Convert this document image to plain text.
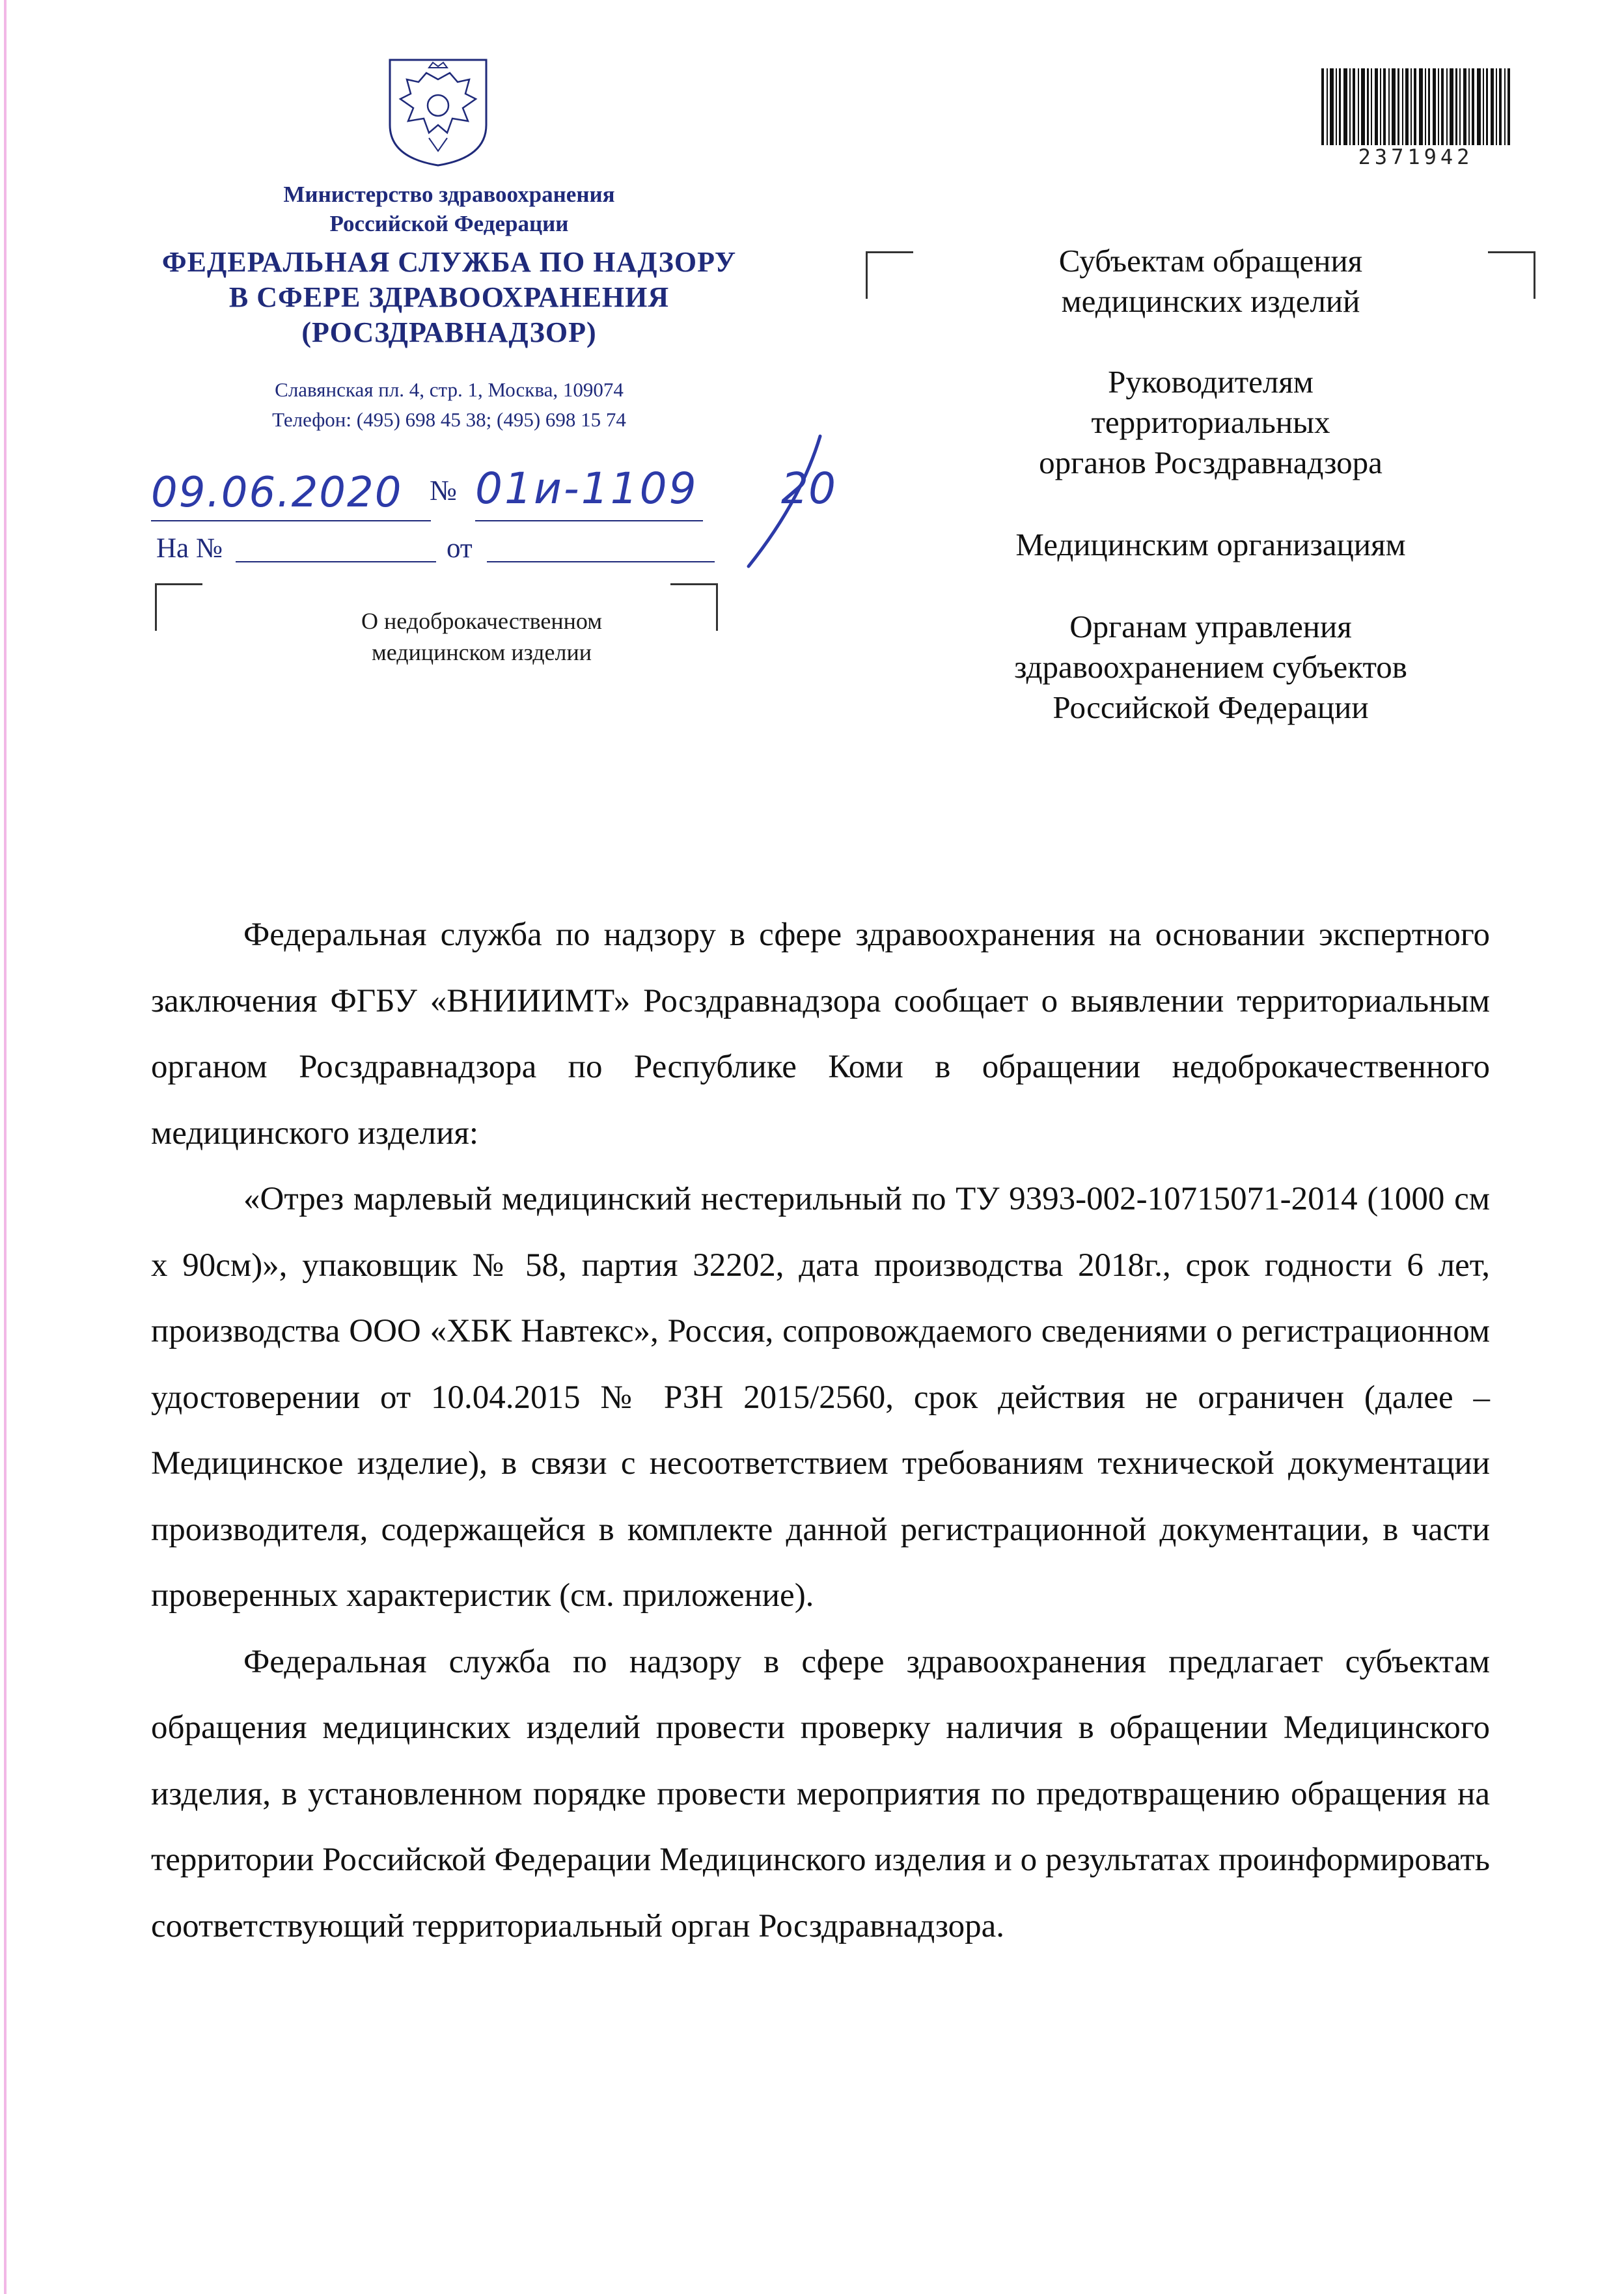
Министерство здравоохранения
Российской Федерации
ФЕДЕРАЛЬНАЯ СЛУЖБА ПО НАДЗОРУ
В СФЕРЕ ЗДРАВООХРАНЕНИЯ
(РОСЗДРАВНАДЗОР)
Славянская пл. 4, стр. 1, Москва, 109074
Телефон: (495) 698 45 38; (495) 698 15 74
09.06.2020 № 01и-1109 20
На №	от
О недоброкачественном
медицинском изделии
2371942
Субъектам обращения
медицинских изделий
Руководителям
территориальных
органов Росздравнадзора
Медицинским организациям
Органам управления
здравоохранением субъектов
Российской Федерации

Федеральная служба по надзору в сфере здравоохранения на основании экспертного заключения ФГБУ «ВНИИИМТ» Росздравнадзора сообщает о выявлении территориальным органом Росздравнадзора по Республике Коми в обращении недоброкачественного медицинского изделия:

«Отрез марлевый медицинский нестерильный по ТУ 9393-002-10715071-2014 (1000 см х 90см)», упаковщик № 58, партия 32202, дата производства 2018г., срок годности 6 лет, производства ООО «ХБК Навтекс», Россия, сопровождаемого сведениями о регистрационном удостоверении от 10.04.2015 № РЗН 2015/2560, срок действия не ограничен (далее – Медицинское изделие), в связи с несоответствием требованиям технической документации производителя, содержащейся в комплекте данной регистрационной документации, в части проверенных характеристик (см. приложение).

Федеральная служба по надзору в сфере здравоохранения предлагает субъектам обращения медицинских изделий провести проверку наличия в обращении Медицинского изделия, в установленном порядке провести мероприятия по предотвращению обращения на территории Российской Федерации Медицинского изделия и о результатах проинформировать соответствующий территориальный орган Росздравнадзора.
